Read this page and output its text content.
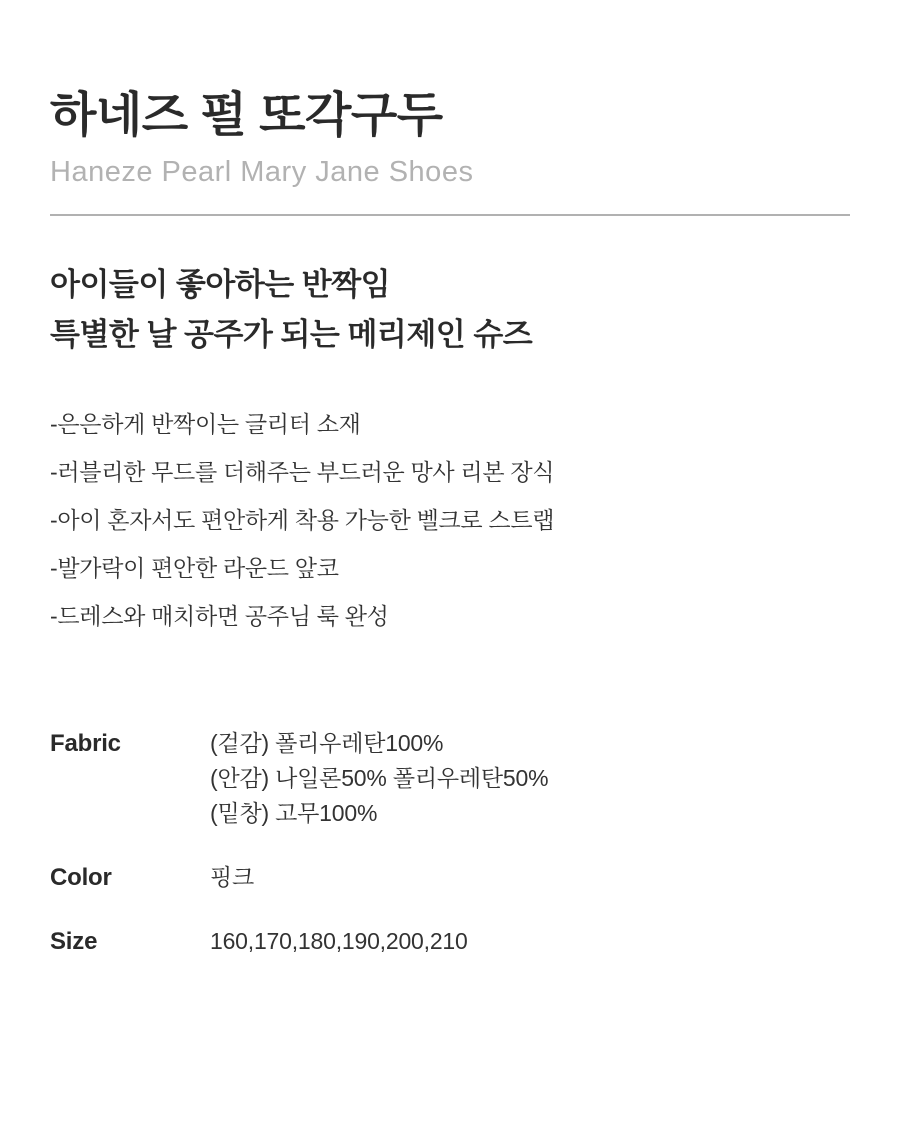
하네즈 펄 또각구두
Haneze Pearl Mary Jane Shoes
아이들이 좋아하는 반짝임
특별한 날 공주가 되는 메리제인 슈즈
-은은하게 반짝이는 글리터 소재
-러블리한 무드를 더해주는 부드러운 망사 리본 장식
-아이 혼자서도 편안하게 착용 가능한 벨크로 스트랩
-발가락이 편안한 라운드 앞코
-드레스와 매치하면 공주님 룩 완성
Fabric	(겉감) 폴리우레탄100%
(안감) 나일론50% 폴리우레탄50%
(밑창) 고무100%
Color	핑크
Size	160,170,180,190,200,210
